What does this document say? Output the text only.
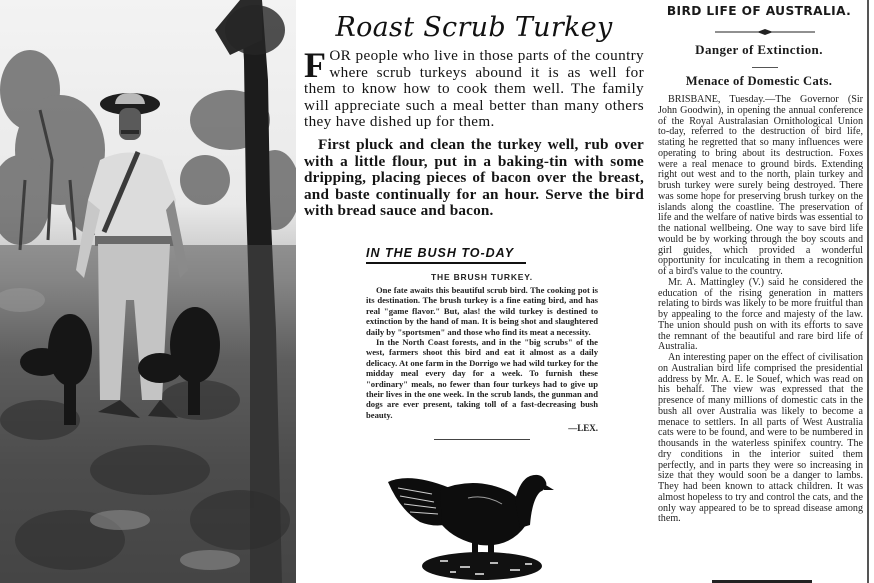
Roast Scrub Turkey

FOR people who live in those parts of the country where scrub turkeys abound it is as well for them to know how to cook them well. The family will appreciate such a meal better than many others they have dished up for them.

First pluck and clean the turkey well, rub over with a little flour, put in a baking-tin with some dripping, placing pieces of bacon over the breast, and baste continually for an hour. Serve the bird with bread sauce and bacon.

IN THE BUSH TO-DAY
THE BRUSH TURKEY.

One fate awaits this beautiful scrub bird. The cooking pot is its destination. The brush turkey is a fine eating bird, and has real "game flavor." But, alas! the wild turkey is destined to extinction by the hand of man. It is being shot and slaughtered daily by "sportsmen" and those who find its meat a necessity.

In the North Coast forests, and in the "big scrubs" of the west, farmers shoot this bird and eat it almost as a daily delicacy. At one farm in the Dorrigo we had wild turkey for the midday meal every day for a week. To furnish these "ordinary" meals, no fewer than four turkeys had to give up their lives in the one week. In the scrub lands, the gunman and dogs are ever present, taking toll of a fast-decreasing bush beauty.

—LEX.
BIRD LIFE OF AUSTRALIA.
Danger of Extinction.
Menace of Domestic Cats.

BRISBANE, Tuesday.—The Governor (Sir John Goodwin), in opening the annual conference of the Royal Australasian Ornithological Union to-day, referred to the destruction of bird life, stating he regretted that so many influences were operating to bring about its destruction. Foxes were a real menace to ground birds. Extending right out west and to the north, plain turkey and brush turkey were surely being destroyed. There was some hope for preserving brush turkey on the islands along the coastline. The preservation of life and the welfare of native birds was essential to the national wellbeing. One way to save bird life would be by working through the boy scouts and girl guides, which provided a wonderful opportunity for inculcating in them a recognition of a bird's value to the country.

Mr. A. Mattingley (V.) said he considered the education of the rising generation in matters relating to birds was likely to be more fruitful than by appealing to the force and majesty of the law. The union should push on with its efforts to save the remnant of the beautiful and rare bird life of Australia.

An interesting paper on the effect of civilisation on Australian bird life comprised the presidential address by Mr. A. E. le Souef, which was read on his behalf. The view was expressed that the presence of many millions of domestic cats in the bush all over Australia was likely to become a menace to settlers. In all parts of West Australia cats were to be found, and were to be numbered in thousands in the waterless spinifex country. The dry conditions in the interior suited them perfectly, and in parts they were so increasing in size that they would soon be a danger to lambs. They had been known to attack children. It was almost hopeless to try and control the cats, and the only way appeared to be to spread disease among them.
